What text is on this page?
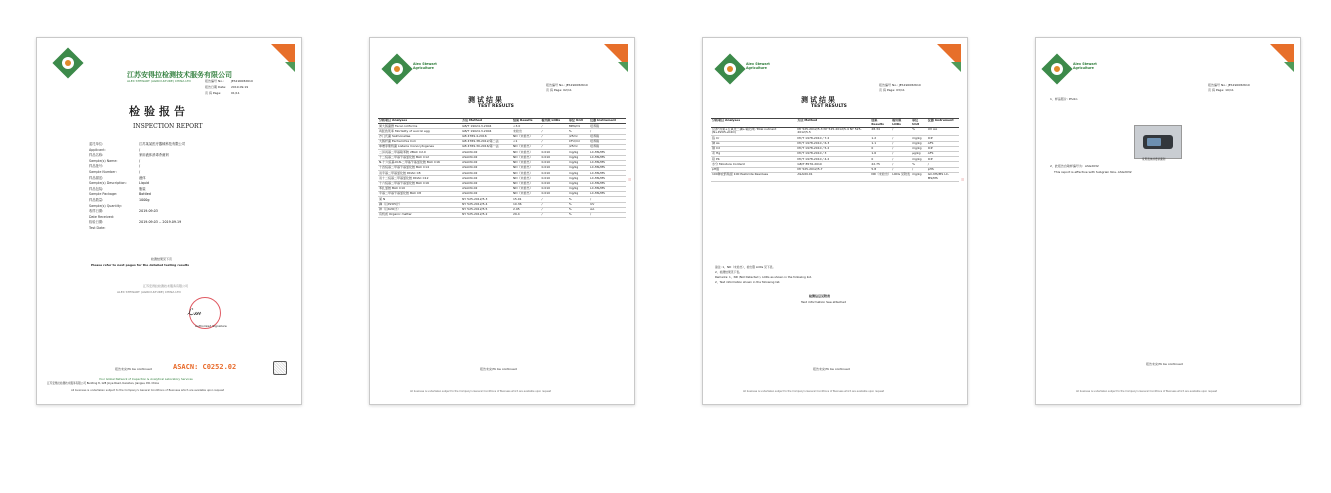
江苏安得拉检测技术服务有限公司
ALEX STEWART (AGRICULTURE) CHINA LTD	报告编号 No.: JES190082610
报告日期 Date: 2019.09.19
页 码 Page:	01/11
检验报告
INSPECTION REPORT
委托单位:	江苏某某医疗器械科技有限公司
Applicant:	/
样品名称:	家用液体消毒杀菌剂
Sample(s) Name:	/
样品批号:	/
Sample Number:	/
样品描述:	液体
Sample(s) Description:	Liquid
样品包装:	瓶装
Sample Package:	Bottled
样品数量:	1000g
Sample(s) Quantity:
收样日期:	2019.09.03
Date Received:
检验日期:	2019.09.03 -- 2019.09.19
Test Date:
检测结果见下页
Please refer to next pages for the detailed testing results
江苏安得拉检测技术服务有限公司
ALEX STEWART (AGRICULTURE) CHINA LTD
ℒ𝓂
Authorized Signature
报告未完/To be continued	ASACN: C0252.02
Your Global Network of Inspection & Analytical Laboratory Services
江苏安得拉检测技术服务有限公司 Building 8, 128 Jinye Road, Kunshan, Jiangsu, P.R. China
All business is undertaken subject to the Company's General Conditions of Business which are available upon request
Alex Stewart
Agriculture
报告编号 No.: JES190082610
页 码 Page: 02/11
测试结果
TEST RESULTS
分析项目 Analyses	方法 Method	结果 Results	检出限 LODs	单位 Unit	仪器 Instrument
粪大肠菌群 Fecal coliforms	GB/T 19024.3-2004	<3.0	/	MPN/ml	培养箱
鸡胚致死率 Mortality of aucroil egg	GB/T 19024.3-2004	未检出	/	%	/
沙门氏菌 Salmonellae	GB 4789.4-2016	ND（未检出）	/	/25ml	培养箱
大肠杆菌 Escherichia Coli	GB 4789.38-2012/第二法	<1	/	CFU/ml	培养箱
单增李斯特菌 Listeria monocytogenes	GB 4789.30-2016/第一法	ND（未检出）	/	/25ml	培养箱
二异丙基二甲基联苯胺 2BAC C2.0	ASACN-02	ND（未检出）	0.010	mg/kg	LC-MS/MS
十二烷基二甲基苄基氯化铵 BAC C12	ASACN-02	ND（未检出）	0.010	mg/kg	LC-MS/MS
N-十六烷基-N,N-二甲基苄基氯化铵 BAC C16	ASACN-02	ND（未检出）	0.010	mg/kg	LC-MS/MS
十四烷基二甲基苄基氯化铵 BAC C14	ASACN-02	ND（未检出）	0.010	mg/kg	LC-MS/MS
双辛基二甲基氯化铵 DDAC C8	ASACN-02	ND（未检出）	0.010	mg/kg	LC-MS/MS
双十二烷基二甲基氯化铵 DDAC C12	ASACN-02	ND（未检出）	0.010	mg/kg	LC-MS/MS
十六烷基二甲基苄基氯化铵 BAC C16	ASACN-02	ND（未检出）	0.010	mg/kg	LC-MS/MS
苯扎氯铵 BAC C10	ASACN-02	ND（未检出）	0.010	mg/kg	LC-MS/MS
辛基二甲基苄基氯化铵 BAC C8	ASACN-02	ND（未检出）	0.010	mg/kg	LC-MS/MS
氮 N	NY 525-2012/5.3	15.01	/	%	/
磷（以P2O5计）	NY 525-2012/5.4	10.36	/	%	UV
钾（以K2O计）	NY 525-2012/5.5	2.95	/	%	AA
有机质 Organic matter	NY 525-2012/5.2	29.4	/	%	/
|||
报告未完/To be continued
All business is undertaken subject to the Company's General Conditions of Business which are available upon request
Alex Stewart
Agriculture
报告编号 No.: JES190082610
页 码 Page: 03/11
测试结果
TEST RESULTS
分析项目 Analyses	方法 Method	结果 Results	检出限 LODs	单位 Unit	仪器 Instrument
总养分(氮+五氧化二磷+氧化钾) Total nutrient (N+P2O5+K2O)	NY 525-2012/5.3 NY 525-2012/5.4 NY 525-2012/5.5	28.34	/	%	UV AA
铬 Cr	NY/T 1978-2010 / 7.2	1.2	/	mg/kg	ICP
砷 As	NY/T 1978-2010 / 6.3	1.1	/	mg/kg	AFS
镉 Cd	NY/T 1978-2010 / 5.2	0	/	mg/kg	ICP
汞 Hg	NY/T 1978-2010 / 3	1.6	/	μg/kg	AFS
铅 Pb	NY/T 1978-2010 / 4.2	0	/	mg/kg	ICP
水分 Moisture Content	GB/T 8576-2010	22.75	/	%	/
pH值	NY 525-2012/5.7	5.8	/	/	pHS
100种农药残留 100 Pesticide Residues	ASACN-01	ND（未检出）	LODs 见附表	mg/kg	GC-MS/MS LC-MS/MS
备注: 1、ND（未检出），检出限 LODs 见下表。
2、检测结果见下表。
Remarks: 1、ND (Not Detected ), LODs as shown in the following list.
2、Test information shown in the following list.
检测信息见附表
Test information See attached
|||
报告未完/To be continued
All business is undertaken subject to the Company's General Conditions of Business which are available upon request
Alex Stewart
Agriculture
报告编号 No.: JES190082610
页 码 Page: 10/11
1、样品照片: Photo
家用液体消毒杀菌剂
2、此报告自取样编号为：ASG2032
This report is effective with Subgrain Nos. ASG2032
报告未完/To be continued
All business is undertaken subject to the Company's General Conditions of Business which are available upon request
